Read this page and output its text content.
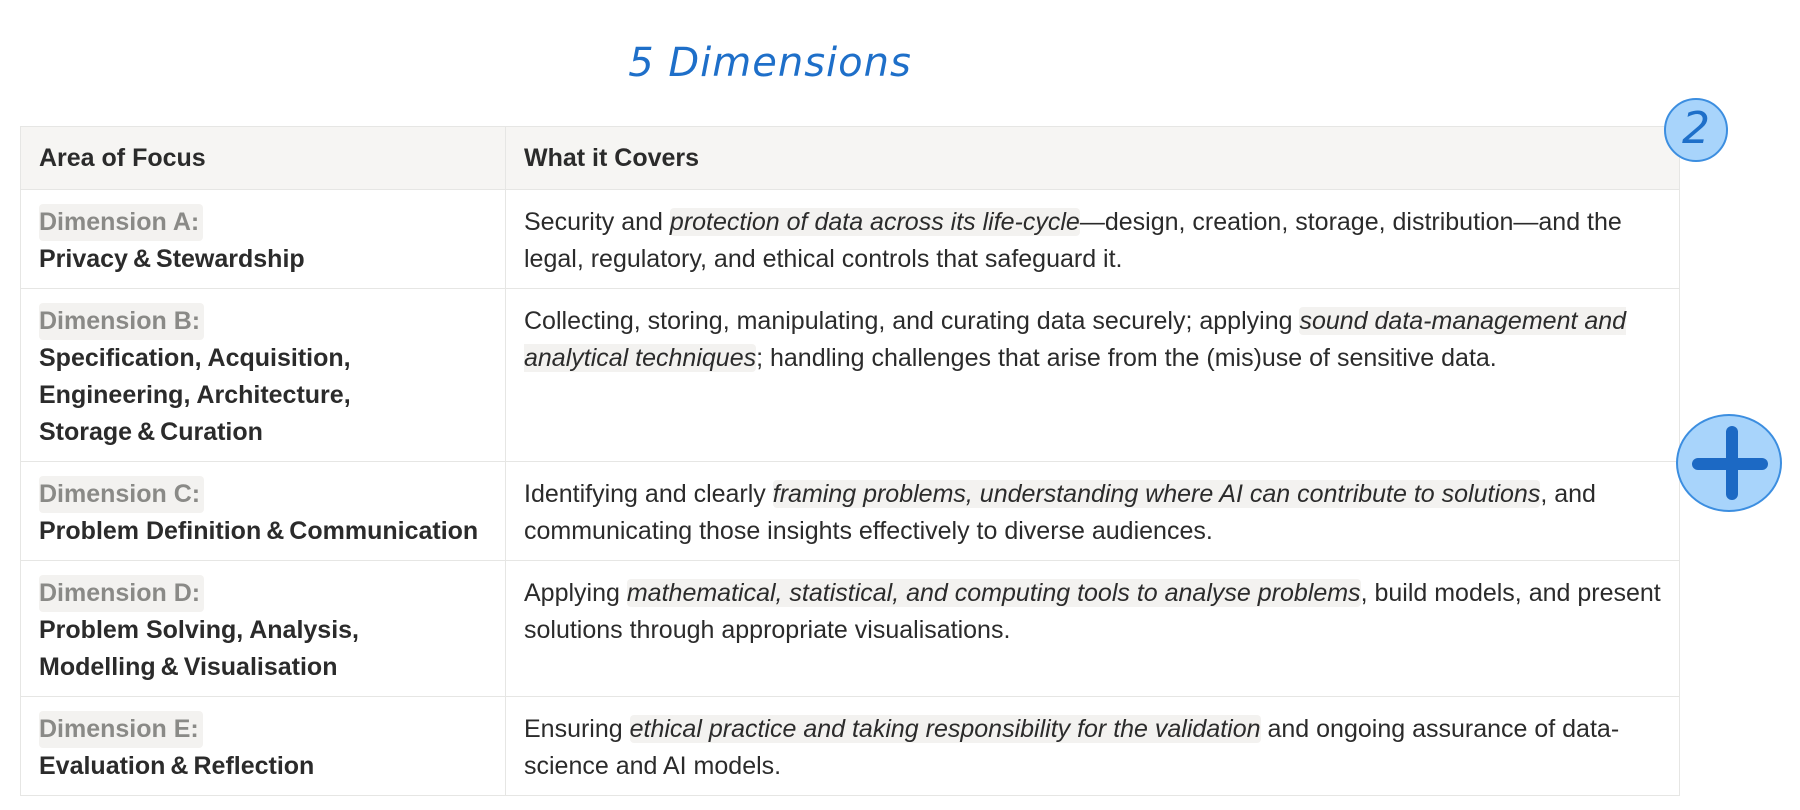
5 Dimensions
Area of Focus	What it Covers
Dimension A:
Privacy & Stewardship	Security and protection of data across its life-cycle—design, creation, storage, distribution—and the legal, regulatory, and ethical controls that safeguard it.
Dimension B:
Specification, Acquisition,
Engineering, Architecture,
Storage & Curation	Collecting, storing, manipulating, and curating data securely; applying sound data-management and analytical techniques; handling challenges that arise from the (mis)use of sensitive data.
Dimension C:
Problem Definition & Communication	Identifying and clearly framing problems, understanding where AI can contribute to solutions, and communicating those insights effectively to diverse audiences.
Dimension D:
Problem Solving, Analysis,
Modelling & Visualisation	Applying mathematical, statistical, and computing tools to analyse problems, build models, and present solutions through appropriate visualisations.
Dimension E:
Evaluation & Reflection	Ensuring ethical practice and taking responsibility for the validation and ongoing assurance of data-science and AI models.
2
